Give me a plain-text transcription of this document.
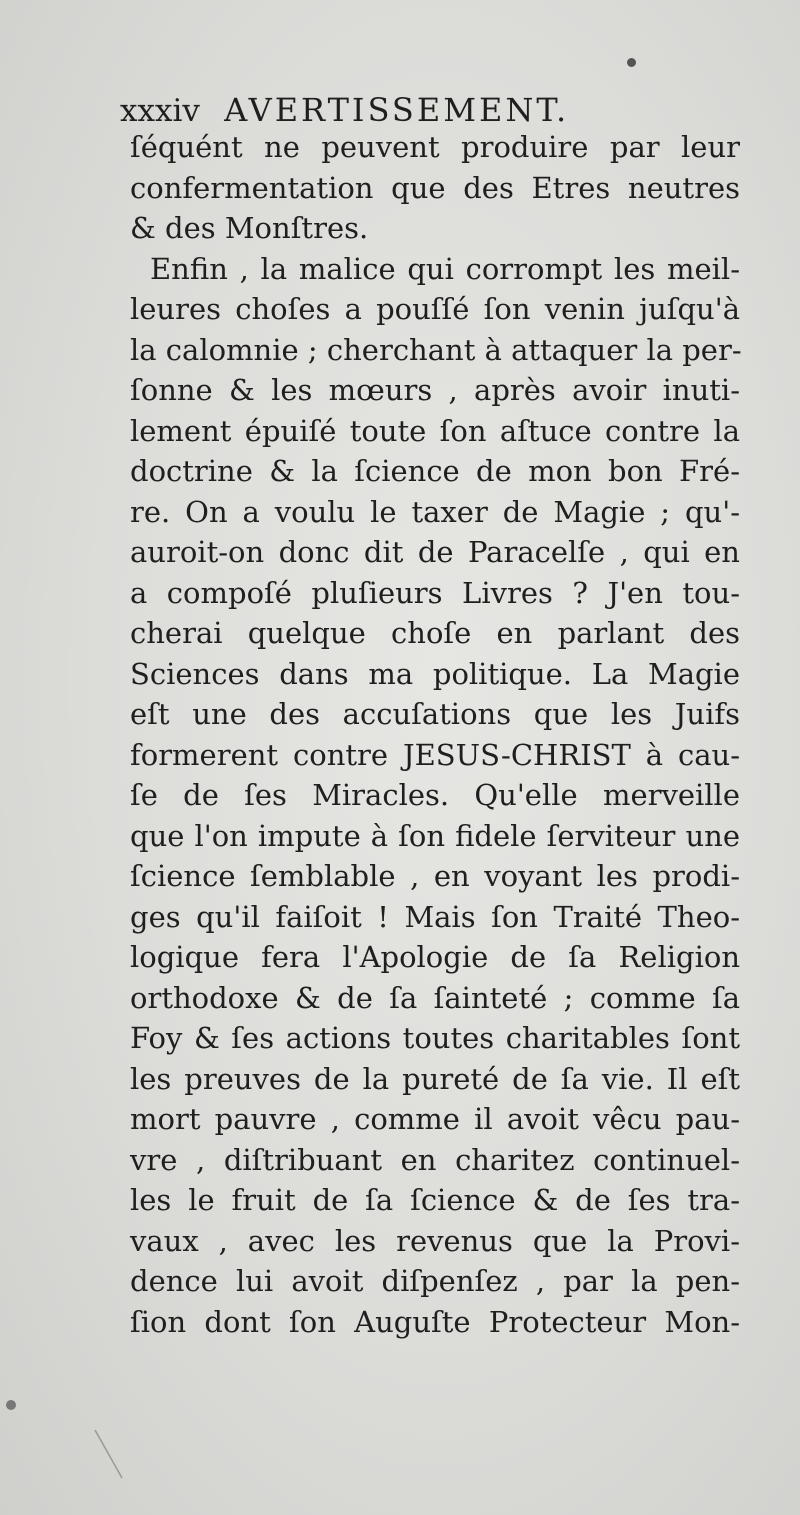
xxxiv AVERTISSEMENT.
ſéquént ne peuvent produire par leur
confermentation que des Etres neutres
& des Monſtres.
Enfin , la malice qui corrompt les meil-
leures choſes a pouſſé ſon venin juſqu'à
la calomnie ; cherchant à attaquer la per-
ſonne & les mœurs , après avoir inuti-
lement épuiſé toute ſon aſtuce contre la
doctrine & la ſcience de mon bon Fré-
re. On a voulu le taxer de Magie ; qu'-
auroit-on donc dit de Paracelſe , qui en
a compoſé pluſieurs Livres ? J'en tou-
cherai quelque choſe en parlant des
Sciences dans ma politique. La Magie
eſt une des accuſations que les Juifs
formerent contre JESUS-CHRIST à cau-
ſe de ſes Miracles. Qu'elle merveille
que l'on impute à ſon fidele ſerviteur une
ſcience ſemblable , en voyant les prodi-
ges qu'il faiſoit ! Mais ſon Traité Theo-
logique fera l'Apologie de ſa Religion
orthodoxe & de ſa ſainteté ; comme ſa
Foy & ſes actions toutes charitables ſont
les preuves de la pureté de ſa vie. Il eſt
mort pauvre , comme il avoit vêcu pau-
vre , diſtribuant en charitez continuel-
les le fruit de ſa ſcience & de ſes tra-
vaux , avec les revenus que la Provi-
dence lui avoit diſpenſez , par la pen-
ſion dont ſon Auguſte Protecteur Mon-
